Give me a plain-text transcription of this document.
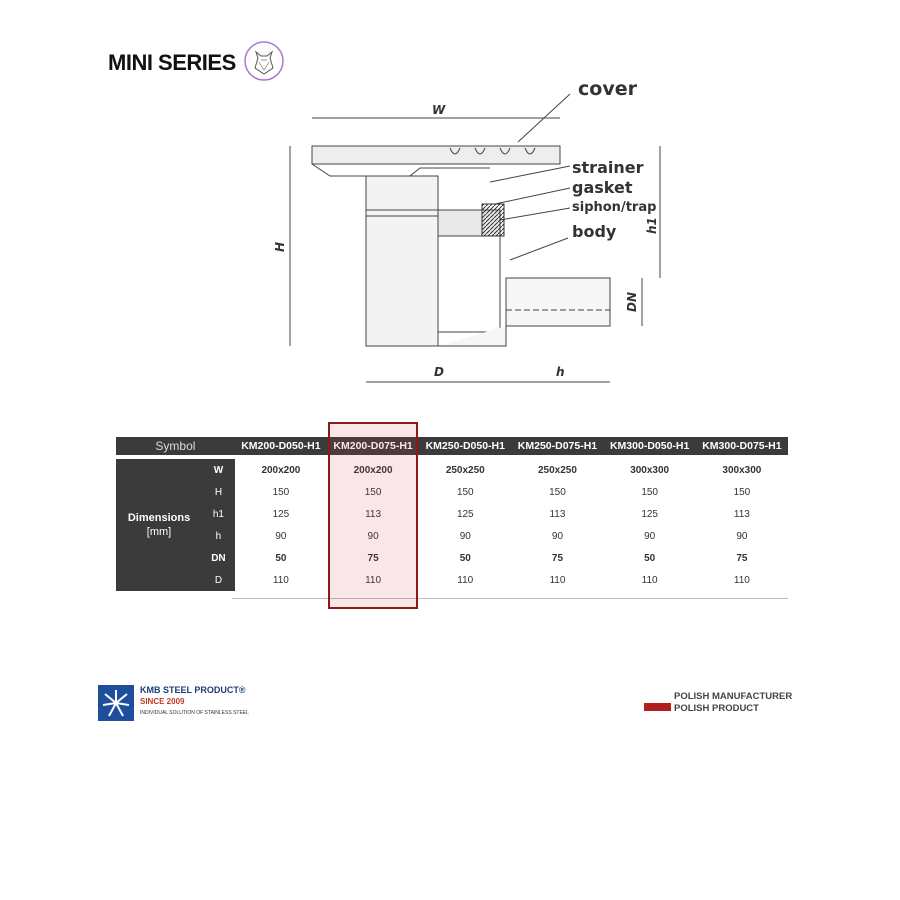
MINI SERIES
W
H
h1
DN
D	h
cover
strainer
gasket
siphon/trap
body
Symbol		KM200-D050-H1	KM200-D075-H1	KM250-D050-H1	KM250-D075-H1	KM300-D050-H1	KM300-D075-H1

Dimensions
[mm]	W	200x200	200x200	250x250	250x250	300x300	300x300
	H	150	150	150	150	150	150
	h1	125	113	125	113	125	113
	h	90	90	90	90	90	90
	DN	50	75	50	75	50	75
	D	110	110	110	110	110	110
KMB STEEL PRODUCT®
SINCE 2009
INDIVIDUAL SOLUTION OF STAINLESS STEEL
POLISH MANUFACTURER
POLISH PRODUCT
